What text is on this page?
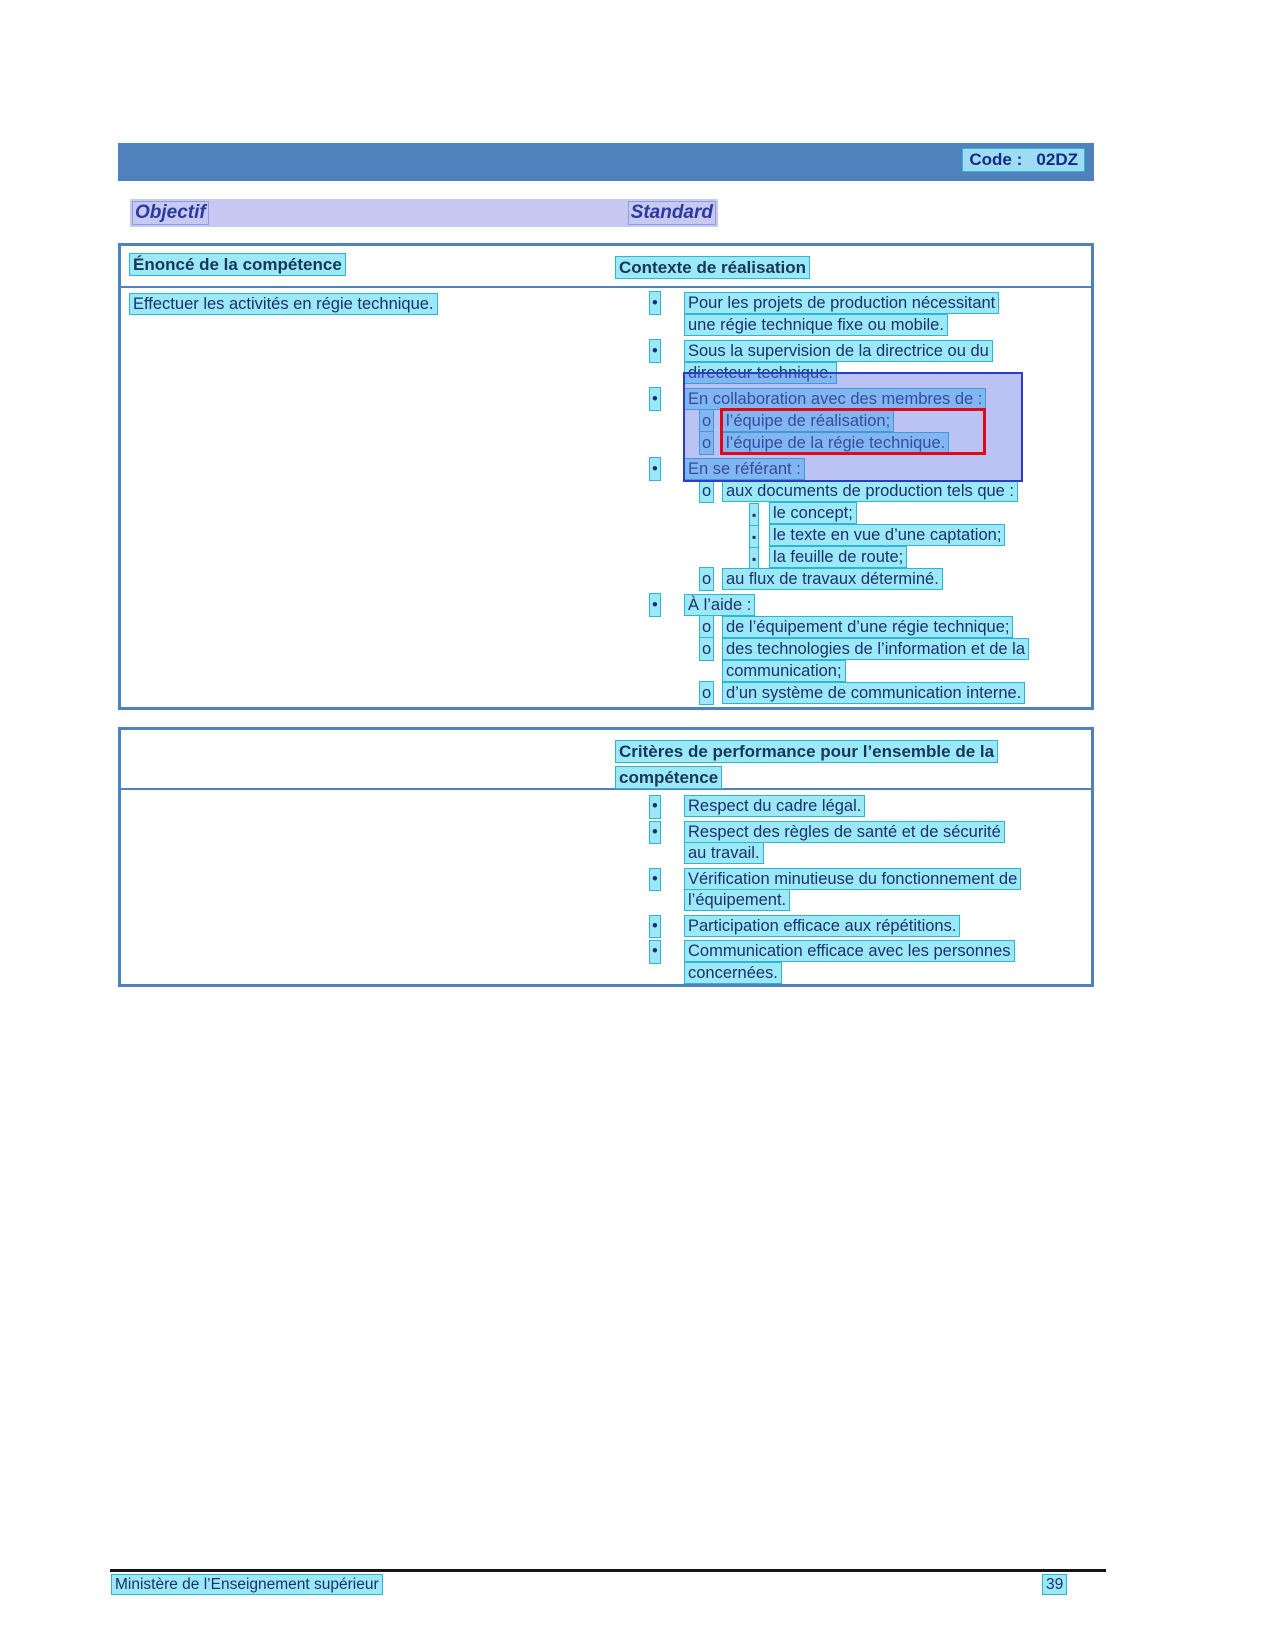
Code :   02DZ
Objectif	Standard
Énoncé de la compétence	Contexte de réalisation
Effectuer les activités en régie technique.	• Pour les projets de production nécessitant
une régie technique fixe ou mobile.
• Sous la supervision de la directrice ou du
directeur technique.
• En collaboration avec des membres de :
o l’équipe de réalisation;
o l’équipe de la régie technique.
• En se référant :
o aux documents de production tels que :
▪ le concept;
▪ le texte en vue d’une captation;
▪ la feuille de route;
o au flux de travaux déterminé.
• À l’aide :
o de l’équipement d’une régie technique;
o des technologies de l’information et de la
communication;
o d’un système de communication interne.
Critères de performance pour l’ensemble de la
compétence
• Respect du cadre légal.
• Respect des règles de santé et de sécurité
au travail.
• Vérification minutieuse du fonctionnement de
l’équipement.
• Participation efficace aux répétitions.
• Communication efficace avec les personnes
concernées.
Ministère de l’Enseignement supérieur	39
